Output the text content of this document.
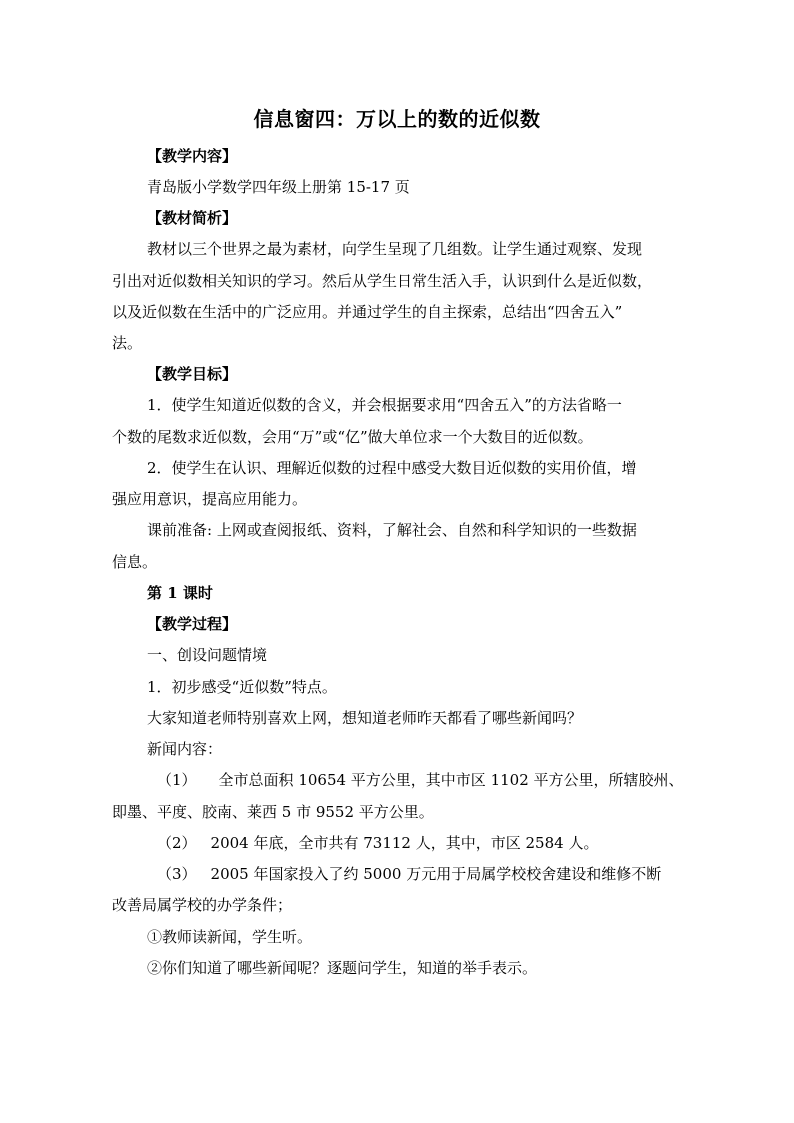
信息窗四：万以上的数的近似数
【教学内容】
青岛版小学数学四年级上册第 15-17 页
【教材简析】
教材以三个世界之最为素材，向学生呈现了几组数。让学生通过观察、发现
引出对近似数相关知识的学习。然后从学生日常生活入手，认识到什么是近似数，
以及近似数在生活中的广泛应用。并通过学生的自主探索，总结出“四舍五入”
法。
【教学目标】
1．使学生知道近似数的含义，并会根据要求用“四舍五入”的方法省略一
个数的尾数求近似数，会用“万”或“亿”做大单位求一个大数目的近似数。
2．使学生在认识、理解近似数的过程中感受大数目近似数的实用价值，增
强应用意识，提高应用能力。
课前准备: 上网或查阅报纸、资料，了解社会、自然和科学知识的一些数据
信息。
第 1 课时
【教学过程】
一、创设问题情境
1．初步感受“近似数”特点。
大家知道老师特别喜欢上网，想知道老师昨天都看了哪些新闻吗？
新闻内容：
（1） 全市总面积 10654 平方公里，其中市区 1102 平方公里，所辖胶州、
即墨、平度、胶南、莱西 5 市 9552 平方公里。
（2） 2004 年底，全市共有 73112 人，其中，市区 2584 人。
（3） 2005 年国家投入了约 5000 万元用于局属学校校舍建设和维修不断
改善局属学校的办学条件；
①教师读新闻，学生听。
②你们知道了哪些新闻呢？逐题问学生，知道的举手表示。
